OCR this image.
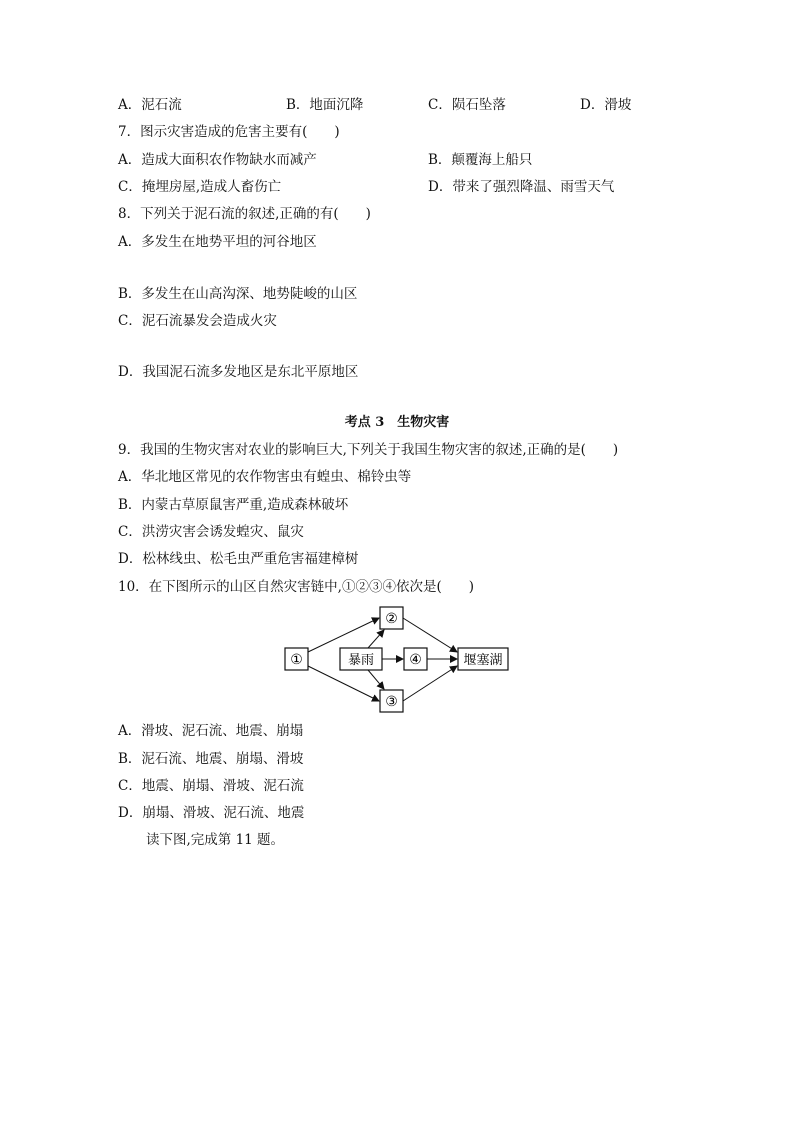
A．泥石流	B．地面沉降	C．陨石坠落	D．滑坡
7．图示灾害造成的危害主要有(　　)
A．造成大面积农作物缺水而减产	B．颠覆海上船只
C．掩埋房屋,造成人畜伤亡	D．带来了强烈降温、雨雪天气
8．下列关于泥石流的叙述,正确的有(　　)
A．多发生在地势平坦的河谷地区
B．多发生在山高沟深、地势陡峻的山区
C．泥石流暴发会造成火灾
D．我国泥石流多发地区是东北平原地区
考点 3　生物灾害
9．我国的生物灾害对农业的影响巨大,下列关于我国生物灾害的叙述,正确的是(　　)
A．华北地区常见的农作物害虫有蝗虫、棉铃虫等
B．内蒙古草原鼠害严重,造成森林破坏
C．洪涝灾害会诱发蝗灾、鼠灾
D．松林线虫、松毛虫严重危害福建樟树
10．在下图所示的山区自然灾害链中,①②③④依次是(　　)
①
②
暴雨	④
③
堰塞湖
A．滑坡、泥石流、地震、崩塌
B．泥石流、地震、崩塌、滑坡
C．地震、崩塌、滑坡、泥石流
D．崩塌、滑坡、泥石流、地震
读下图,完成第 11 题。
